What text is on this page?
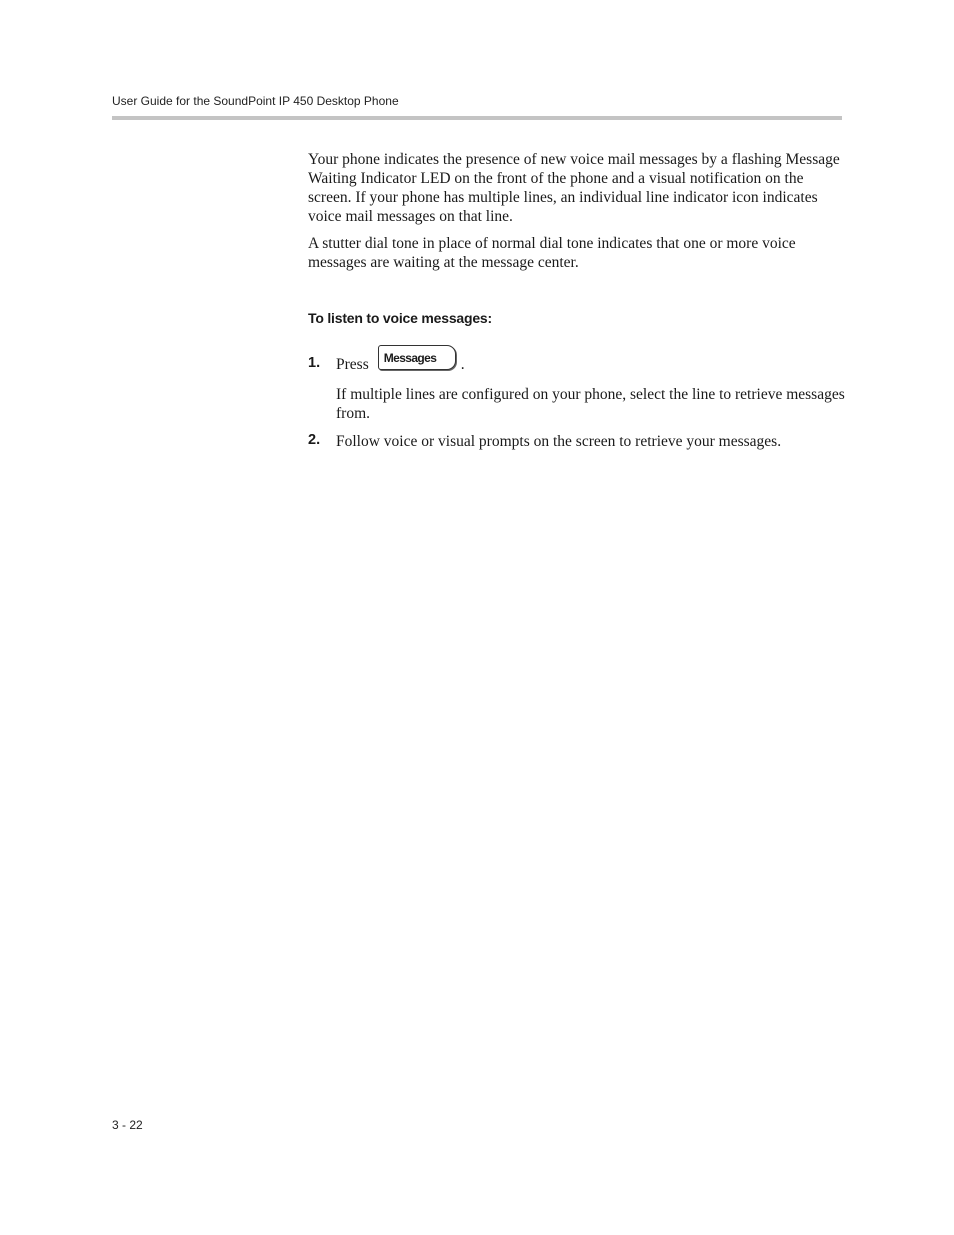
User Guide for the SoundPoint IP 450 Desktop Phone

Your phone indicates the presence of new voice mail messages by a flashing Message Waiting Indicator LED on the front of the phone and a visual notification on the screen. If your phone has multiple lines, an individual line indicator icon indicates voice mail messages on that line.

A stutter dial tone in place of normal dial tone indicates that one or more voice messages are waiting at the message center.

To listen to voice messages:
1. Press Messages .

If multiple lines are configured on your phone, select the line to retrieve messages from.

2. Follow voice or visual prompts on the screen to retrieve your messages.

3 - 22
